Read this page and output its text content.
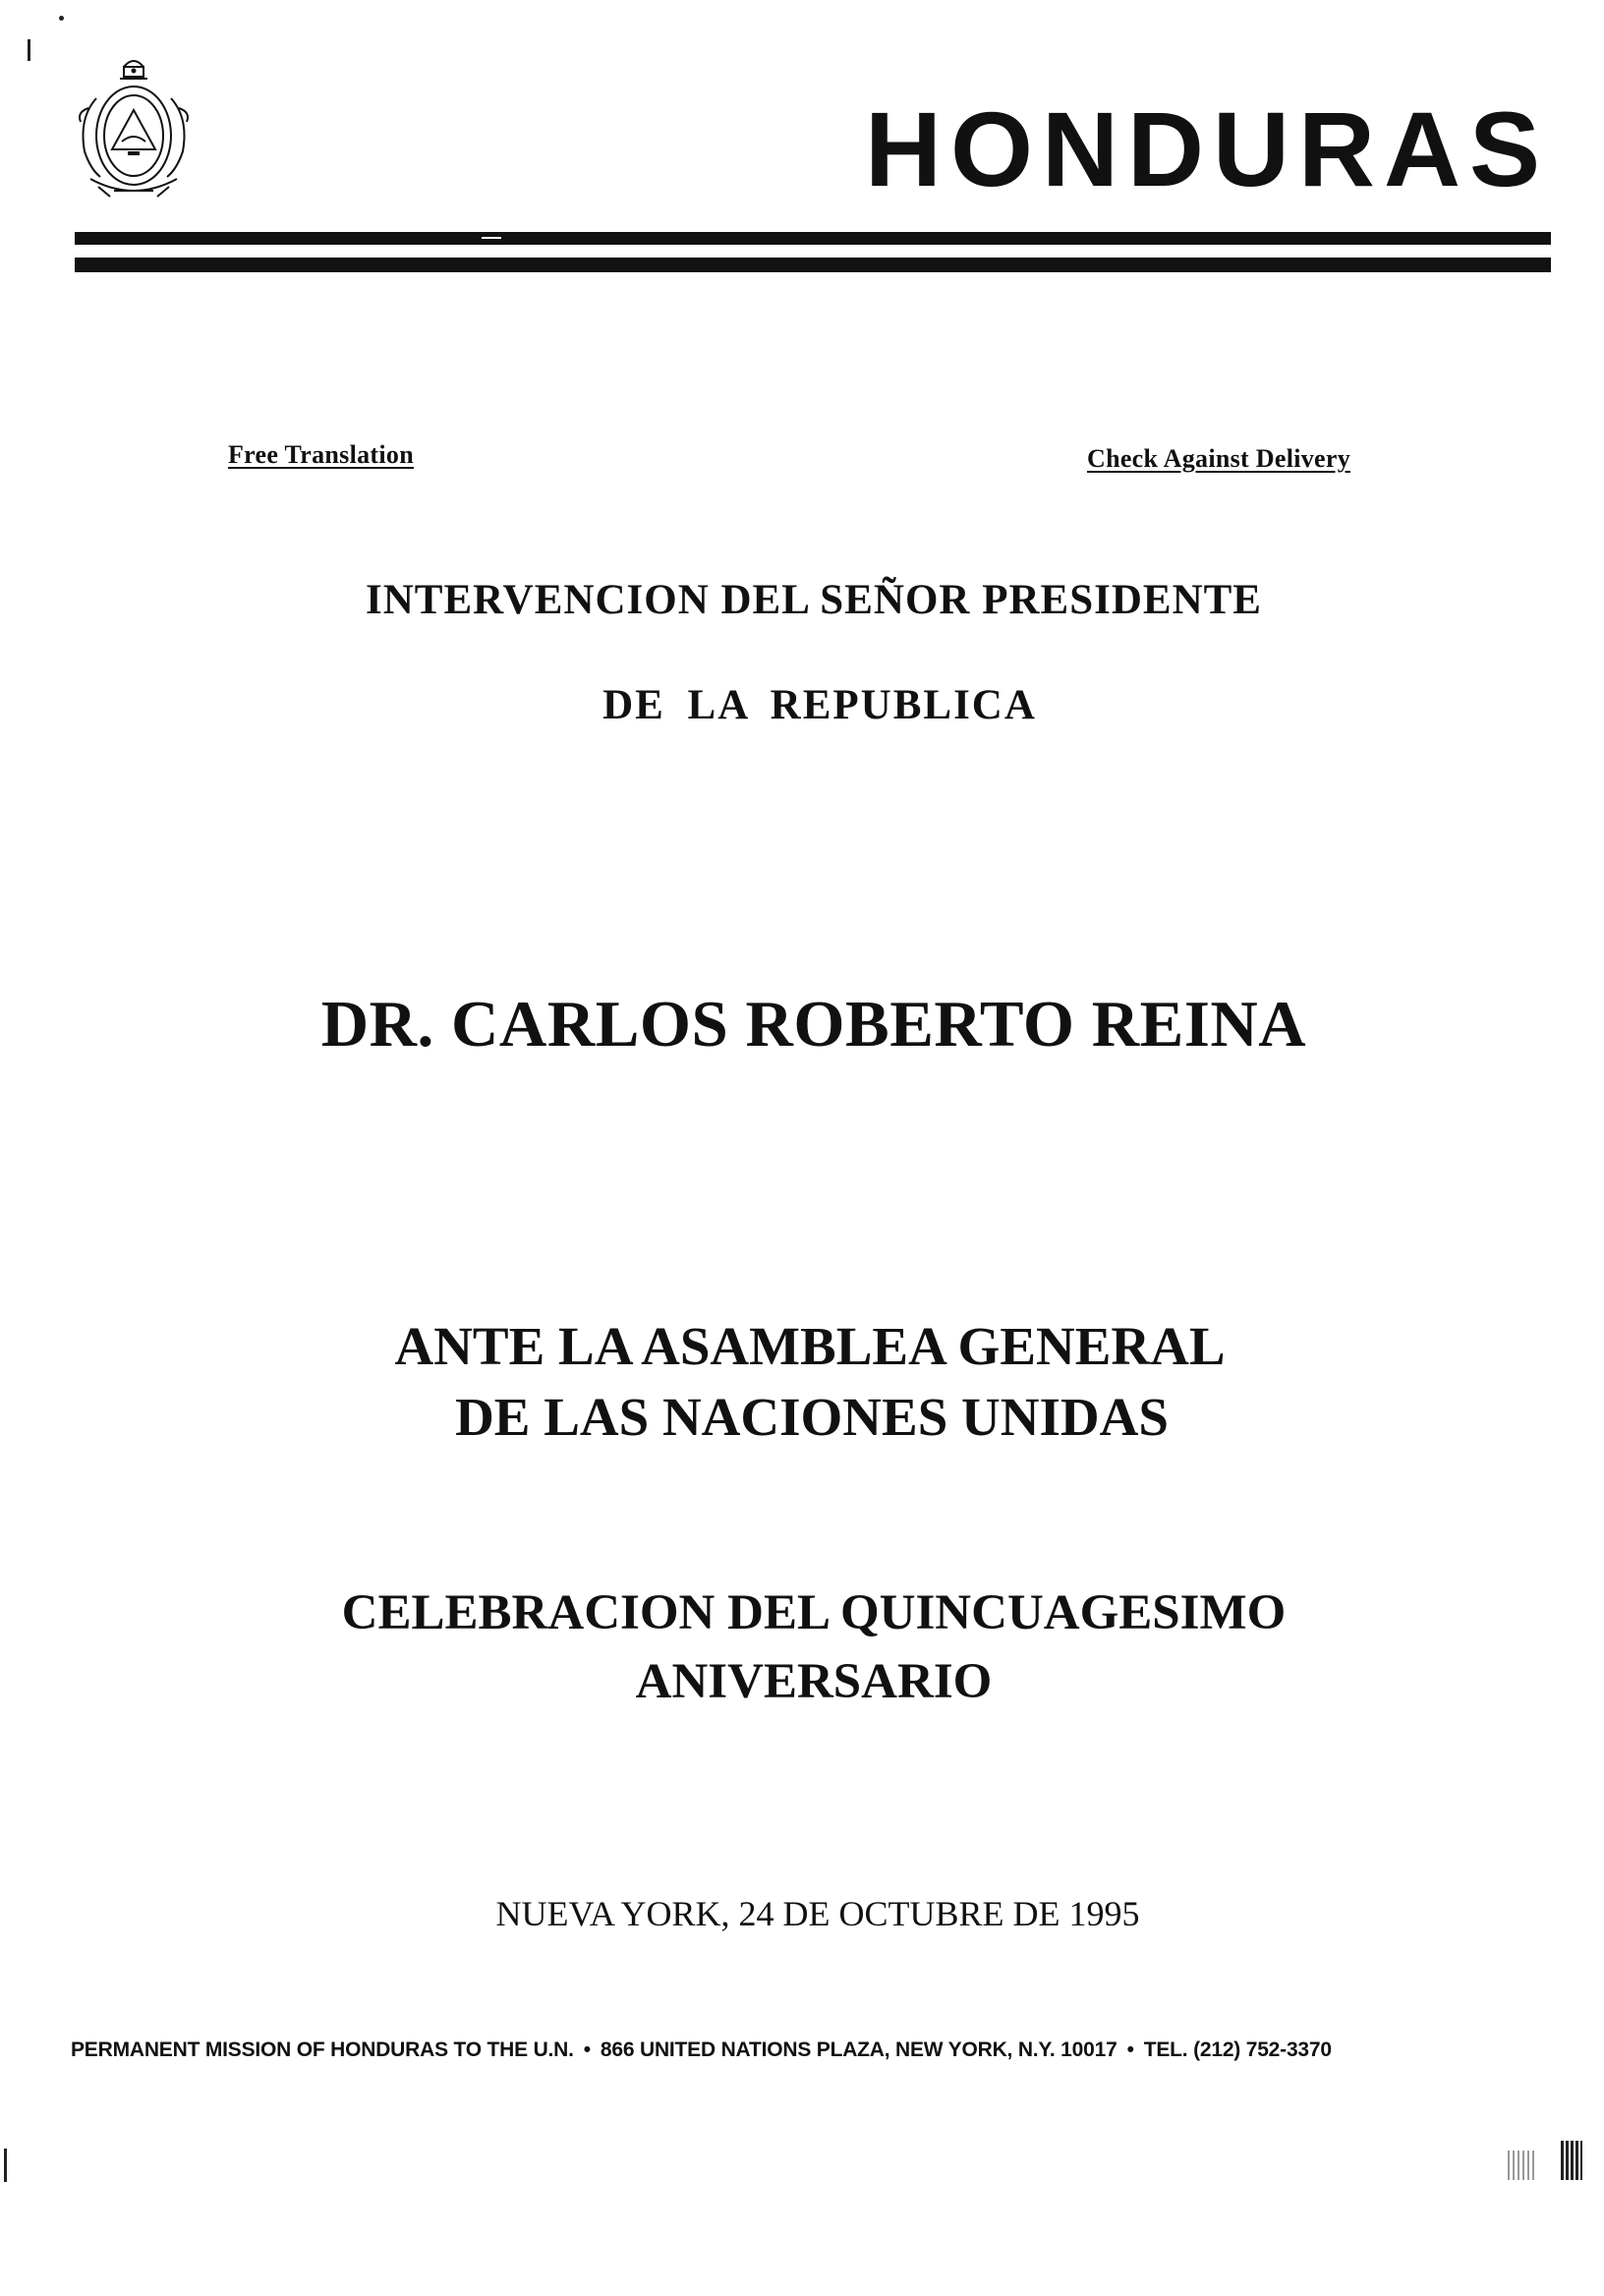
HONDURAS
Free Translation	Check Against Delivery
INTERVENCION DEL SEÑOR PRESIDENTE
DE LA REPUBLICA
DR. CARLOS ROBERTO REINA
ANTE LA ASAMBLEA GENERAL
DE LAS NACIONES UNIDAS
CELEBRACION DEL QUINCUAGESIMO
ANIVERSARIO
NUEVA YORK, 24 DE OCTUBRE DE 1995
PERMANENT MISSION OF HONDURAS TO THE U.N. • 866 UNITED NATIONS PLAZA, NEW YORK, N.Y. 10017 • TEL. (212) 752-3370
